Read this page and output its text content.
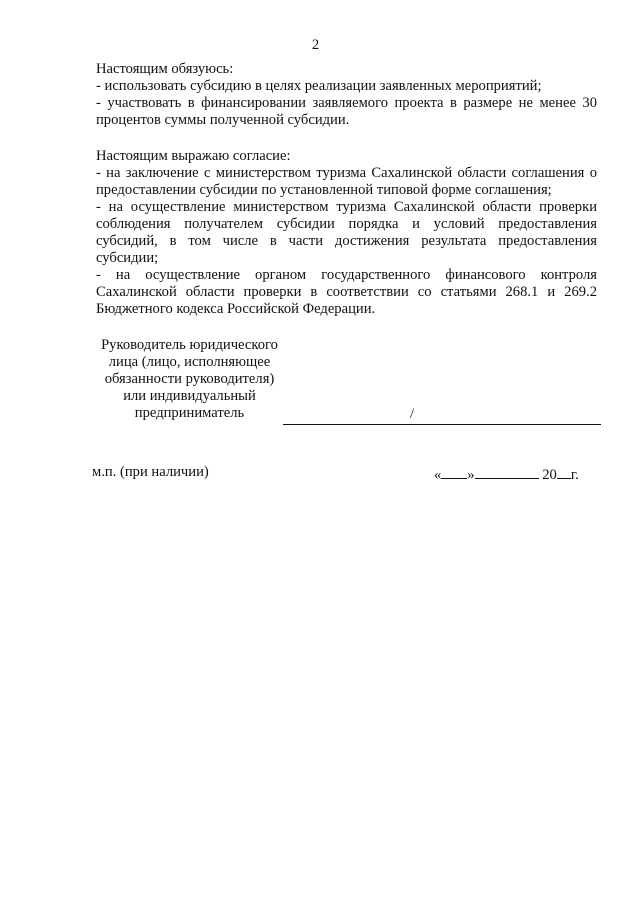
2

Настоящим обязуюсь:

- использовать субсидию в целях реализации заявленных мероприятий;

- участвовать в финансировании заявляемого проекта в размере не менее 30 процентов суммы полученной субсидии.

Настоящим выражаю согласие:

- на заключение с министерством туризма Сахалинской области соглашения о предоставлении субсидии по установленной типовой форме соглашения;

- на осуществление министерством туризма Сахалинской области проверки соблюдения получателем субсидии порядка и условий предоставления субсидий, в том числе в части достижения результата предоставления субсидии;

- на осуществление органом государственного финансового контроля Сахалинской области проверки в соответствии со статьями 268.1 и 269.2 Бюджетного кодекса Российской Федерации.

Руководитель юридического
лица (лицо, исполняющее
обязанности руководителя)
или индивидуальный
предприниматель	/
м.п. (при наличии)	« »	20 г.
